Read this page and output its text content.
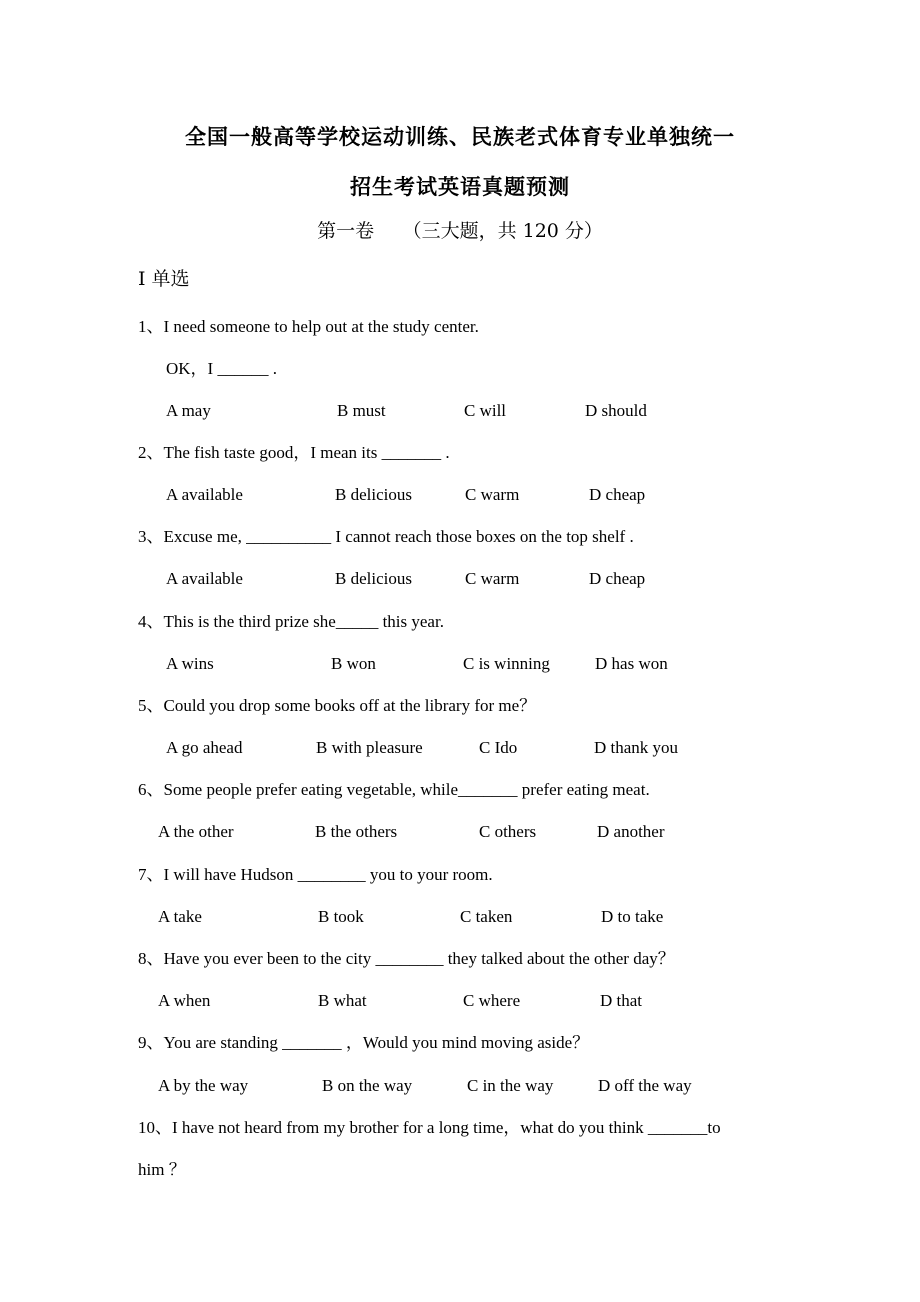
全国一般高等学校运动训练、民族老式体育专业单独统一
招生考试英语真题预测
第一卷　　（三大题，共 120 分）
I 单选
1、I need someone to help out at the study center.
OK，I ______ .
A may	B must	C will	D should
2、The fish taste good，I mean its _______ .
A available	B delicious	C warm	D cheap
3、Excuse me, __________ I cannot reach those boxes on the top shelf .
A available	B delicious	C warm	D cheap
4、This is the third prize she_____ this year.
A wins	B won	C is winning	D has won
5、Could you drop some books off at the library for me？
A go ahead	B with pleasure	C Ido	D thank you
6、Some people prefer eating vegetable, while_______ prefer eating meat.
A the other	B the others	C others	D another
7、I will have Hudson ________ you to your room.
A take	B took	C taken	D to take
8、Have you ever been to the city ________ they talked about the other day？
A when	B what	C where	D that
9、You are standing _______ ，Would you mind moving aside？
A by the way	B on the way	C in the way	D off the way
10、I have not heard from my brother for a long time，what do you think _______to
him ？
